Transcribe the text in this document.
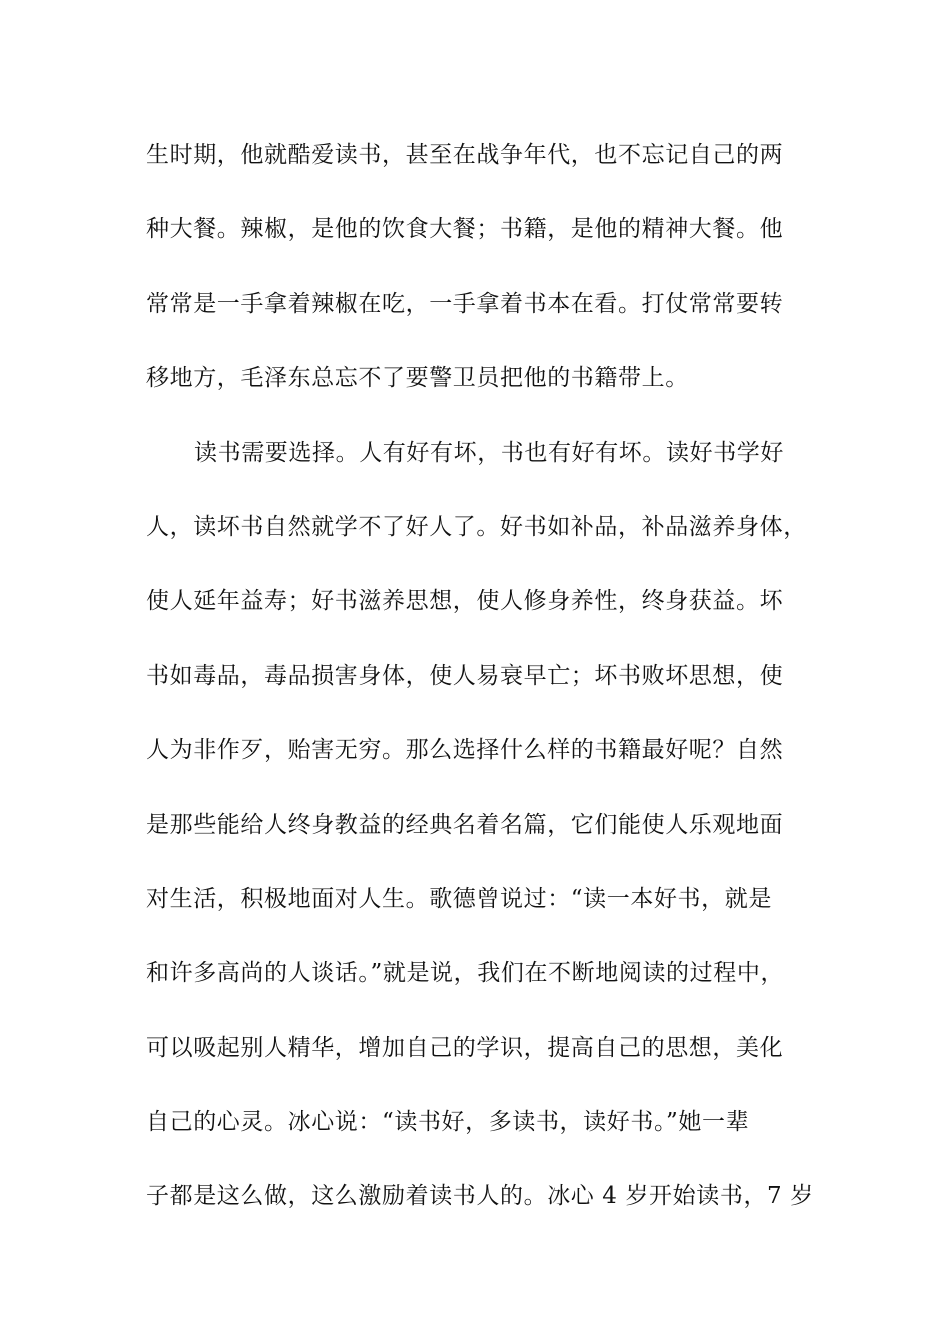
生时期，他就酷爱读书，甚至在战争年代，也不忘记自己的两
种大餐。辣椒，是他的饮食大餐；书籍，是他的精神大餐。他
常常是一手拿着辣椒在吃，一手拿着书本在看。打仗常常要转
移地方，毛泽东总忘不了要警卫员把他的书籍带上。
读书需要选择。人有好有坏，书也有好有坏。读好书学好
人，读坏书自然就学不了好人了。好书如补品，补品滋养身体，
使人延年益寿；好书滋养思想，使人修身养性，终身获益。坏
书如毒品，毒品损害身体，使人易衰早亡；坏书败坏思想，使
人为非作歹，贻害无穷。那么选择什么样的书籍最好呢？自然
是那些能给人终身教益的经典名着名篇，它们能使人乐观地面
对生活，积极地面对人生。歌德曾说过：“读一本好书，就是
和许多高尚的人谈话。”就是说，我们在不断地阅读的过程中，
可以吸起别人精华，增加自己的学识，提高自己的思想，美化
自己的心灵。冰心说：“读书好，多读书，读好书。”她一辈
子都是这么做，这么激励着读书人的。冰心 4 岁开始读书，7 岁
